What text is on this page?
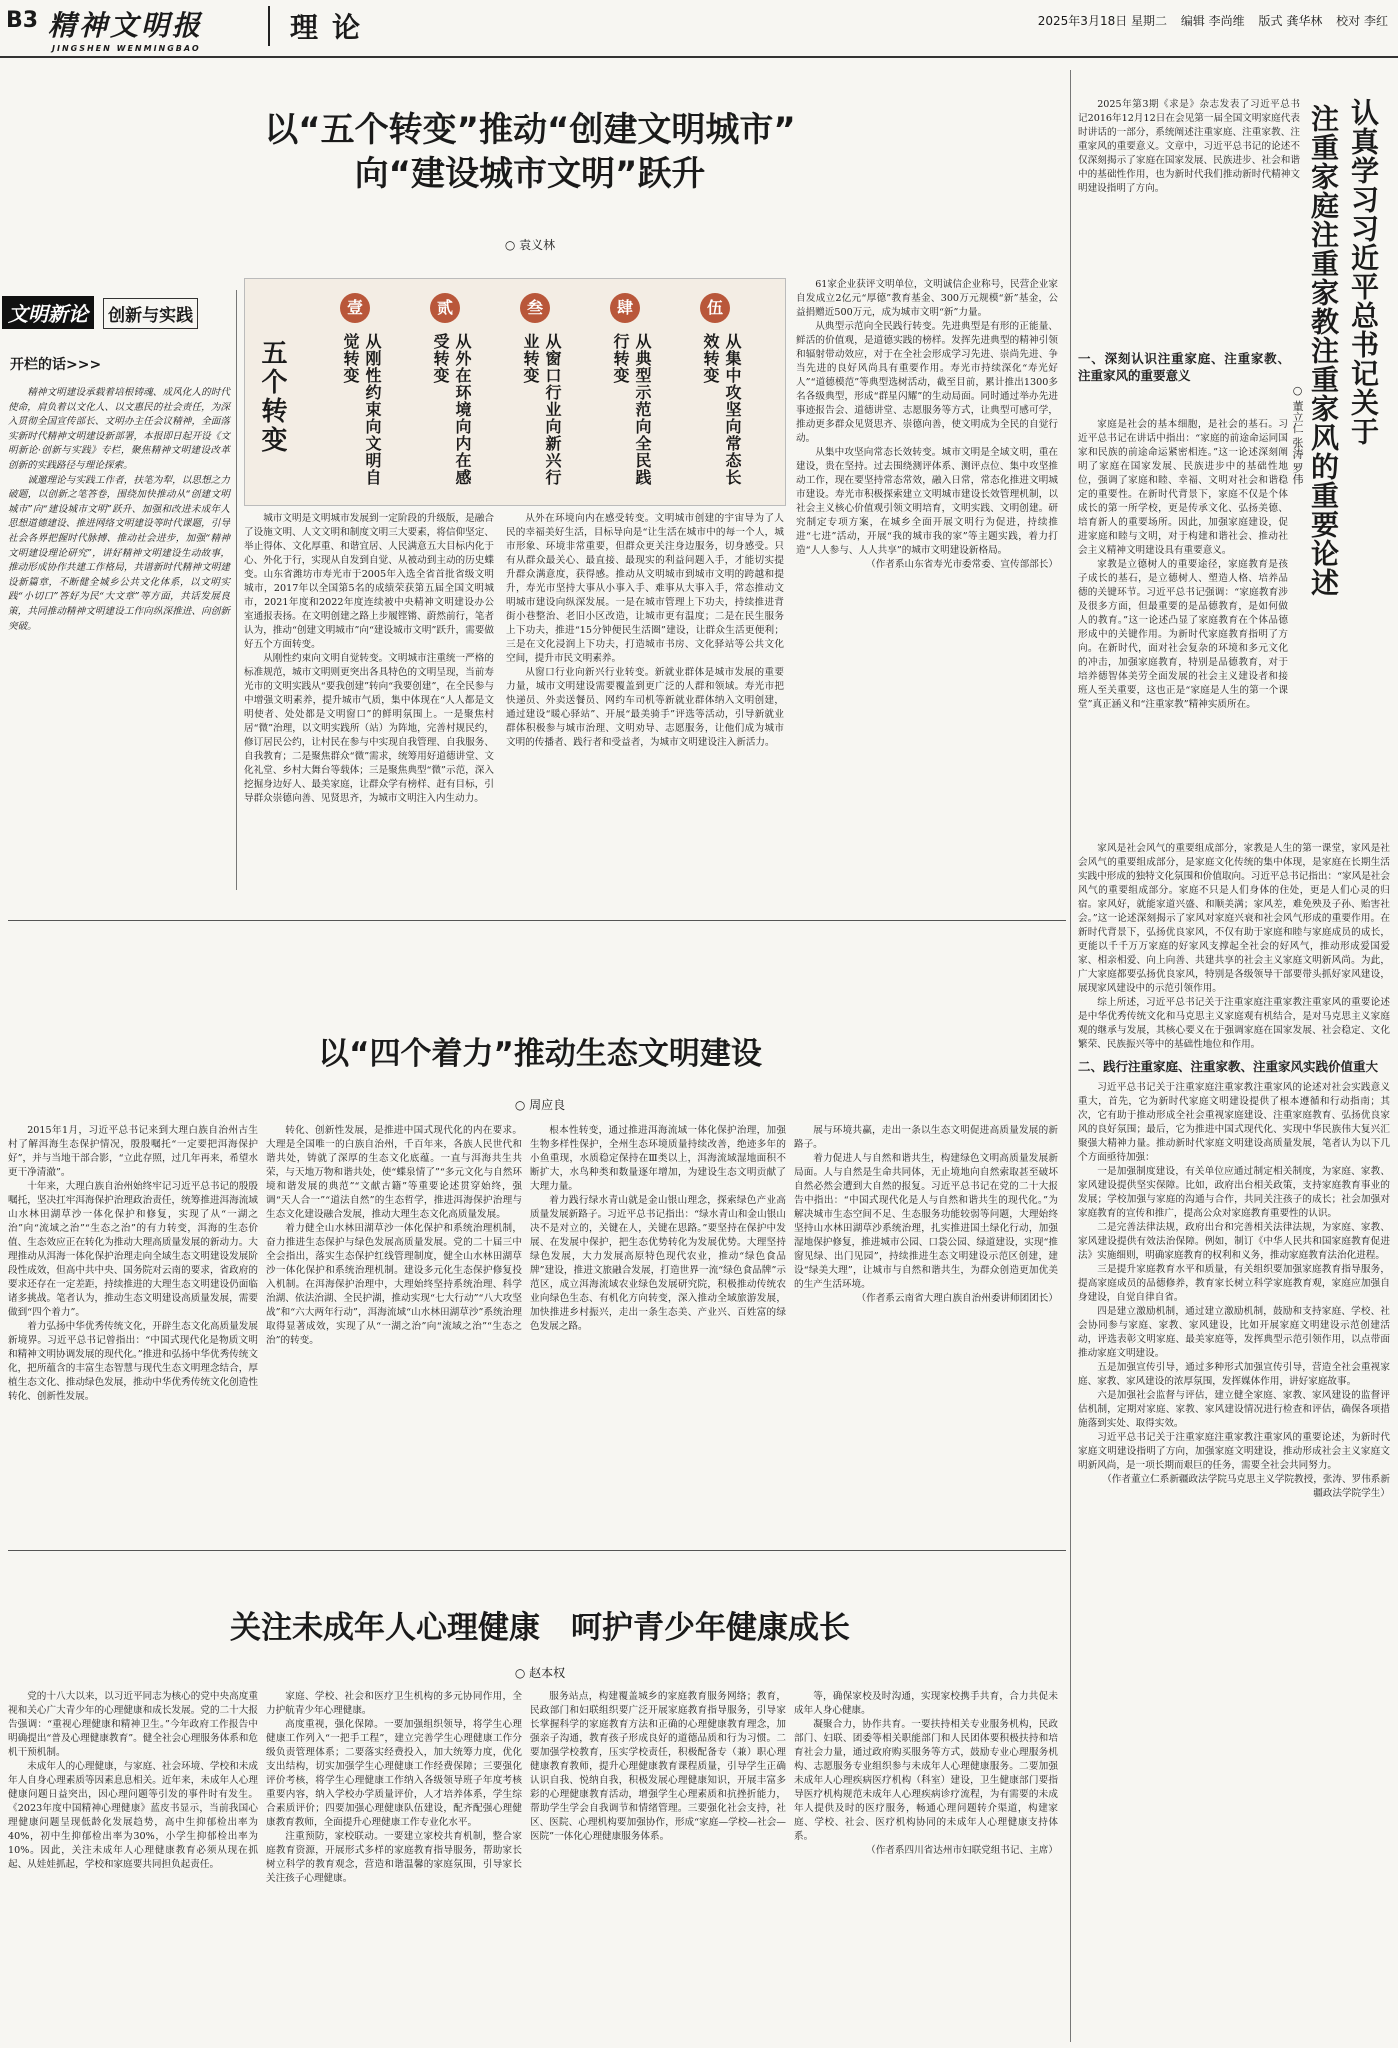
B3 精神文明报
JINGSHEN WENMINGBAO
理论	2025年3月18日 星期二 编辑 李尚维 版式 龚华林 校对 李红
以“五个转变”推动“创建文明城市”
向“建设城市文明”跃升
○ 袁义林
文明新论 创新与实践
开栏的话>>>

精神文明建设承载着培根铸魂、成风化人的时代使命，肩负着以文化人、以文惠民的社会责任，为深入贯彻全国宣传部长、文明办主任会议精神，全面落实新时代精神文明建设新部署，本报即日起开设《文明新论·创新与实践》专栏，聚焦精神文明建设改革创新的实践路径与理论探索。

诚邀理论与实践工作者，扶笔为犁，以思想之力破题，以创新之笔答卷，围绕加快推动从“创建文明城市”向“建设城市文明”跃升、加强和改进未成年人思想道德建设、推进网络文明建设等时代课题，引导社会各界把握时代脉搏、推动社会进步，加强“精神文明建设理论研究”，讲好精神文明建设生动故事，推动形成协作共建工作格局，共谱新时代精神文明建设新篇章，不断健全城乡公共文化体系，以文明实践“小切口”答好为民“大文章”等方面，共话发展良策，共同推动精神文明建设工作向纵深推进、向创新突破。

五个转变
壹
从刚性约束向文明自觉转变
贰
从外在环境向内在感受转变
叁
从窗口行业向新兴行业转变
肆
从典型示范向全民践行转变
伍
从集中攻坚向常态长效转变

城市文明是文明城市发展到一定阶段的升级版，是融合了设施文明、人文文明和制度文明三大要素，将信仰坚定、举止得体、文化厚重、和谐宜居、人民满意五大目标内化于心、外化于行，实现从自发到自觉、从被动到主动的历史蝶变。山东省潍坊市寿光市于2005年入选全省首批省级文明城市，2017年以全国第5名的成绩荣获第五届全国文明城市，2021年度和2022年度连续被中央精神文明建设办公室通报表扬。在文明创建之路上步履铿锵、蔚然前行，笔者认为，推动“创建文明城市”向“建设城市文明”跃升，需要做好五个方面转变。

从刚性约束向文明自觉转变。文明城市注重统一严格的标准规范，城市文明则更突出各具特色的文明呈现，当前寿光市的文明实践从“要我创建”转向“我要创建”，在全民参与中增强文明素养，提升城市气质，集中体现在“人人都是文明使者、处处都是文明窗口”的鲜明氛围上。一是聚焦村居“微”治理，以文明实践所（站）为阵地，完善村规民约，修订居民公约，让村民在参与中实现自我管理、自我服务、自我教育；二是聚焦群众“微”需求，统筹用好道德讲堂、文化礼堂、乡村大舞台等载体；三是聚焦典型“微”示范，深入挖掘身边好人、最美家庭，让群众学有榜样、赶有目标，引导群众崇德向善、见贤思齐，为城市文明注入内生动力。

从外在环境向内在感受转变。文明城市创建的宇宙导为了人民的幸福美好生活，目标导向是“让生活在城市中的每一个人，城市形象、环境非常重要，但群众更关注身边服务，切身感受。只有从群众最关心、最直接、最现实的利益问题入手，才能切实提升群众满意度，获得感。推动从文明城市到城市文明的跨越和提升，寿光市坚持大事从小事入手、难事从大事入手，常态推动文明城市建设向纵深发展。一是在城市管理上下功夫，持续推进背街小巷整治、老旧小区改造，让城市更有温度；二是在民生服务上下功夫，推进“15分钟便民生活圈”建设，让群众生活更便利；三是在文化浸润上下功夫，打造城市书房、文化驿站等公共文化空间，提升市民文明素养。

从窗口行业向新兴行业转变。新就业群体是城市发展的重要力量，城市文明建设需要覆盖到更广泛的人群和领域。寿光市把快递员、外卖送餐员、网约车司机等新就业群体纳入文明创建，通过建设“暖心驿站”、开展“最美骑手”评选等活动，引导新就业群体积极参与城市治理、文明劝导、志愿服务，让他们成为城市文明的传播者、践行者和受益者，为城市文明建设注入新活力。

61家企业获评文明单位，文明诚信企业称号，民营企业家自发成立2亿元“厚德”教育基金、300万元规模“新”基金，公益捐赠近500万元，成为城市文明“新”力量。

从典型示范向全民践行转变。先进典型是有形的正能量、鲜活的价值观，是道德实践的榜样。发挥先进典型的精神引领和辐射带动效应，对于在全社会形成学习先进、崇尚先进、争当先进的良好风尚具有重要作用。寿光市持续深化“寿光好人”“道德模范”等典型选树活动，截至目前，累计推出1300多名各级典型，形成“群星闪耀”的生动局面。同时通过举办先进事迹报告会、道德讲堂、志愿服务等方式，让典型可感可学，推动更多群众见贤思齐、崇德向善，使文明成为全民的自觉行动。

从集中攻坚向常态长效转变。城市文明是全域文明，重在建设，贵在坚持。过去围绕测评体系、测评点位、集中攻坚推动工作，现在要坚持常态常效，融入日常，常态化推进文明城市建设。寿光市积极探索建立文明城市建设长效管理机制，以社会主义核心价值观引领文明培育，文明实践、文明创建。研究制定专项方案，在城乡全面开展文明行为促进，持续推进“七进”活动，开展“我的城市我的家”等主题实践，着力打造“人人参与、人人共享”的城市文明建设新格局。

（作者系山东省寿光市委常委、宣传部部长）

以“四个着力”推动生态文明建设
○ 周应良

2015年1月，习近平总书记来到大理白族自治州古生村了解洱海生态保护情况，殷殷嘱托“一定要把洱海保护好”，并与当地干部合影，“立此存照，过几年再来，希望水更干净清澈”。

十年来，大理白族自治州始终牢记习近平总书记的殷殷嘱托，坚决扛牢洱海保护治理政治责任，统筹推进洱海流域山水林田湖草沙一体化保护和修复，实现了从“一湖之治”向“流域之治”“生态之治”的有力转变，洱海的生态价值、生态效应正在转化为推动大理高质量发展的新动力。大理推动从洱海一体化保护治理走向全域生态文明建设发展阶段性成效，但高中共中央、国务院对云南的要求，省政府的要求还存在一定差距，持续推进的大理生态文明建设仍面临诸多挑战。笔者认为，推动生态文明建设高质量发展，需要做到“四个着力”。

着力弘扬中华优秀传统文化，开辟生态文化高质量发展新境界。习近平总书记曾指出：“中国式现代化是物质文明和精神文明协调发展的现代化。”推进和弘扬中华优秀传统文化，把所蕴含的丰富生态智慧与现代生态文明理念结合，厚植生态文化、推动绿色发展，推动中华优秀传统文化创造性转化、创新性发展。

转化、创新性发展，是推进中国式现代化的内在要求。大理是全国唯一的白族自治州，千百年来，各族人民世代和谐共处，铸就了深厚的生态文化底蕴。一直与洱海共生共荣，与天地万物和谐共处，使“蝶泉情了”“多元文化与自然环境和谐发展的典范”“文献古籍”等重要论述贯穿始终，强调“天人合一”“道法自然”的生态哲学，推进洱海保护治理与生态文化建设融合发展，推动大理生态文化高质量发展。

着力健全山水林田湖草沙一体化保护和系统治理机制，奋力推进生态保护与绿色发展高质量发展。党的二十届三中全会指出，落实生态保护红线管理制度，健全山水林田湖草沙一体化保护和系统治理机制。建设多元化生态保护修复投入机制。在洱海保护治理中，大理始终坚持系统治理、科学治湖、依法治湖、全民护湖，推动实现“七大行动”“八大攻坚战”和“六大两年行动”，洱海流域“山水林田湖草沙”系统治理取得显著成效，实现了从“一湖之治”向“流域之治”“生态之治”的转变。

根本性转变，通过推进洱海流域一体化保护治理，加强生物多样性保护，全州生态环境质量持续改善，绝迹多年的小鱼重现，水质稳定保持在Ⅲ类以上，洱海流域湿地面积不断扩大，水鸟种类和数量逐年增加，为建设生态文明贡献了大理力量。

着力践行绿水青山就是金山银山理念，探索绿色产业高质量发展新路子。习近平总书记指出：“绿水青山和金山银山决不是对立的，关键在人，关键在思路。”要坚持在保护中发展、在发展中保护，把生态优势转化为发展优势。大理坚持绿色发展，大力发展高原特色现代农业，推动“绿色食品牌”建设，推进文旅融合发展，打造世界一流“绿色食品牌”示范区，成立洱海流域农业绿色发展研究院，积极推动传统农业向绿色生态、有机化方向转变，深入推动全域旅游发展，加快推进乡村振兴，走出一条生态美、产业兴、百姓富的绿色发展之路。

展与环境共赢，走出一条以生态文明促进高质量发展的新路子。

着力促进人与自然和谐共生，构建绿色文明高质量发展新局面。人与自然是生命共同体，无止境地向自然索取甚至破坏自然必然会遭到大自然的报复。习近平总书记在党的二十大报告中指出：“中国式现代化是人与自然和谐共生的现代化。”为解决城市生态空间不足、生态服务功能较弱等问题，大理始终坚持山水林田湖草沙系统治理，扎实推进国土绿化行动，加强湿地保护修复，推进城市公园、口袋公园、绿道建设，实现“推窗见绿、出门见园”，持续推进生态文明建设示范区创建，建设“绿美大理”，让城市与自然和谐共生，为群众创造更加优美的生产生活环境。

（作者系云南省大理白族自治州委讲师团团长）

关注未成年人心理健康　呵护青少年健康成长
○ 赵本权

党的十八大以来，以习近平同志为核心的党中央高度重视和关心广大青少年的心理健康和成长发展。党的二十大报告强调：“重视心理健康和精神卫生。”今年政府工作报告中明确提出“普及心理健康教育”。健全社会心理服务体系和危机干预机制。

未成年人的心理健康，与家庭、社会环境、学校和未成年人自身心理素质等因素息息相关。近年来，未成年人心理健康问题日益突出，因心理问题等引发的事件时有发生。《2023年度中国精神心理健康》蓝皮书显示，当前我国心理健康问题呈现低龄化发展趋势，高中生抑郁检出率为40%，初中生抑郁检出率为30%，小学生抑郁检出率为10%。因此，关注未成年人心理健康教育必须从现在抓起、从娃娃抓起，学校和家庭要共同担负起责任。

家庭、学校、社会和医疗卫生机构的多元协同作用，全力护航青少年心理健康。

高度重视，强化保障。一要加强组织领导，将学生心理健康工作列入“一把手工程”，建立完善学生心理健康工作分级负责管理体系；二要落实经费投入，加大统筹力度，优化支出结构，切实加强学生心理健康工作经费保障；三要强化评价考核，将学生心理健康工作纳入各级领导班子年度考核重要内容，纳入学校办学质量评价，人才培养体系，学生综合素质评价；四要加强心理健康队伍建设，配齐配强心理健康教育教师，全面提升心理健康工作专业化水平。

注重预防，家校联动。一要建立家校共育机制，整合家庭教育资源，开展形式多样的家庭教育指导服务，帮助家长树立科学的教育观念，营造和谐温馨的家庭氛围，引导家长关注孩子心理健康。

服务站点，构建覆盖城乡的家庭教育服务网络；教育，民政部门和妇联组织要广泛开展家庭教育指导服务，引导家长掌握科学的家庭教育方法和正确的心理健康教育理念，加强亲子沟通，教育孩子形成良好的道德品质和行为习惯。二要加强学校教育，压实学校责任，积极配备专（兼）职心理健康教育教师，提升心理健康教育课程质量，引导学生正确认识自我、悦纳自我，积极发展心理健康知识，开展丰富多彩的心理健康教育活动，增强学生心理素质和抗挫折能力，帮助学生学会自我调节和情绪管理。三要强化社会支持，社区、医院、心理机构要加强协作，形成“家庭—学校—社会—医院”一体化心理健康服务体系。

等，确保家校及时沟通，实现家校携手共育，合力共促未成年人身心健康。

凝聚合力，协作共育。一要扶持相关专业服务机构，民政部门、妇联、团委等相关职能部门和人民团体要积极扶持和培育社会力量，通过政府购买服务等方式，鼓励专业心理服务机构、志愿服务专业组织参与未成年人心理健康服务。二要加强未成年人心理疾病医疗机构（科室）建设，卫生健康部门要指导医疗机构规范未成年人心理疾病诊疗流程，为有需要的未成年人提供及时的医疗服务，畅通心理问题转介渠道，构建家庭、学校、社会、医疗机构协同的未成年人心理健康支持体系。

（作者系四川省达州市妇联党组书记、主席）

2025年第3期《求是》杂志发表了习近平总书记2016年12月12日在会见第一届全国文明家庭代表时讲话的一部分，系统阐述注重家庭、注重家教、注重家风的重要意义。文章中，习近平总书记的论述不仅深刻揭示了家庭在国家发展、民族进步、社会和谐中的基础性作用，也为新时代我们推动新时代精神文明建设指明了方向。	认真学习习近平总书记关于
注重家庭注重家教注重家风的重要论述
○ 董立仁 张涛 罗伟
一、深刻认识注重家庭、注重家教、注重家风的重要意义

家庭是社会的基本细胞，是社会的基石。习近平总书记在讲话中指出：“家庭的前途命运同国家和民族的前途命运紧密相连。”这一论述深刻阐明了家庭在国家发展、民族进步中的基础性地位，强调了家庭和睦、幸福、文明对社会和谐稳定的重要性。在新时代背景下，家庭不仅是个体成长的第一所学校，更是传承文化、弘扬美德、培育新人的重要场所。因此，加强家庭建设，促进家庭和睦与文明，对于构建和谐社会、推动社会主义精神文明建设具有重要意义。

家教是立德树人的重要途径，家庭教育是孩子成长的基石，是立德树人、塑造人格、培养品德的关键环节。习近平总书记强调：“家庭教育涉及很多方面，但最重要的是品德教育，是如何做人的教育。”这一论述凸显了家庭教育在个体品德形成中的关键作用。为新时代家庭教育指明了方向。在新时代，面对社会复杂的环境和多元文化的冲击，加强家庭教育，特别是品德教育，对于培养德智体美劳全面发展的社会主义建设者和接班人至关重要，这也正是“家庭是人生的第一个课堂”真正涵义和“注重家教”精神实质所在。

家风是社会风气的重要组成部分，家教是人生的第一课堂，家风是社会风气的重要组成部分，是家庭文化传统的集中体现，是家庭在长期生活实践中形成的独特文化氛围和价值取向。习近平总书记指出：“家风是社会风气的重要组成部分。家庭不只是人们身体的住处，更是人们心灵的归宿。家风好，就能家道兴盛、和顺美满；家风差，难免殃及子孙、贻害社会。”这一论述深刻揭示了家风对家庭兴衰和社会风气形成的重要作用。在新时代背景下，弘扬优良家风，不仅有助于家庭和睦与家庭成员的成长，更能以千千万万家庭的好家风支撑起全社会的好风气，推动形成爱国爱家、相亲相爱、向上向善、共建共享的社会主义家庭文明新风尚。为此，广大家庭都要弘扬优良家风，特别是各级领导干部要带头抓好家风建设，展现家风建设中的示范引领作用。

综上所述，习近平总书记关于注重家庭注重家教注重家风的重要论述是中华优秀传统文化和马克思主义家庭观有机结合，是对马克思主义家庭观的继承与发展，其核心要义在于强调家庭在国家发展、社会稳定、文化繁荣、民族振兴等中的基础性地位和作用。

二、践行注重家庭、注重家教、注重家风实践价值重大

习近平总书记关于注重家庭注重家教注重家风的论述对社会实践意义重大，首先，它为新时代家庭文明建设提供了根本遵循和行动指南；其次，它有助于推动形成全社会重视家庭建设、注重家庭教育、弘扬优良家风的良好氛围；最后，它为推进中国式现代化、实现中华民族伟大复兴汇聚强大精神力量。推动新时代家庭文明建设高质量发展，笔者认为以下几个方面亟待加强：

一是加强制度建设，有关单位应通过制定相关制度，为家庭、家教、家风建设提供坚实保障。比如，政府出台相关政策，支持家庭教育事业的发展；学校加强与家庭的沟通与合作，共同关注孩子的成长；社会加强对家庭教育的宣传和推广，提高公众对家庭教育重要性的认识。

二是完善法律法规，政府出台和完善相关法律法规，为家庭、家教、家风建设提供有效法治保障。例如，制订《中华人民共和国家庭教育促进法》实施细则，明确家庭教育的权利和义务，推动家庭教育法治化进程。

三是提升家庭教育水平和质量，有关组织要加强家庭教育指导服务，提高家庭成员的品德修养，教育家长树立科学家庭教育观，家庭应加强自身建设，自觉自律自省。

四是建立激励机制，通过建立激励机制，鼓励和支持家庭、学校、社会协同参与家庭、家教、家风建设，比如开展家庭文明建设示范创建活动，评选表彰文明家庭、最美家庭等，发挥典型示范引领作用，以点带面推动家庭文明建设。

五是加强宣传引导，通过多种形式加强宣传引导，营造全社会重视家庭、家教、家风建设的浓厚氛围，发挥媒体作用，讲好家庭故事。

六是加强社会监督与评估，建立健全家庭、家教、家风建设的监督评估机制，定期对家庭、家教、家风建设情况进行检查和评估，确保各项措施落到实处、取得实效。

习近平总书记关于注重家庭注重家教注重家风的重要论述，为新时代家庭文明建设指明了方向，加强家庭文明建设，推动形成社会主义家庭文明新风尚，是一项长期而艰巨的任务，需要全社会共同努力。

（作者董立仁系新疆政法学院马克思主义学院教授，张涛、罗伟系新疆政法学院学生）
